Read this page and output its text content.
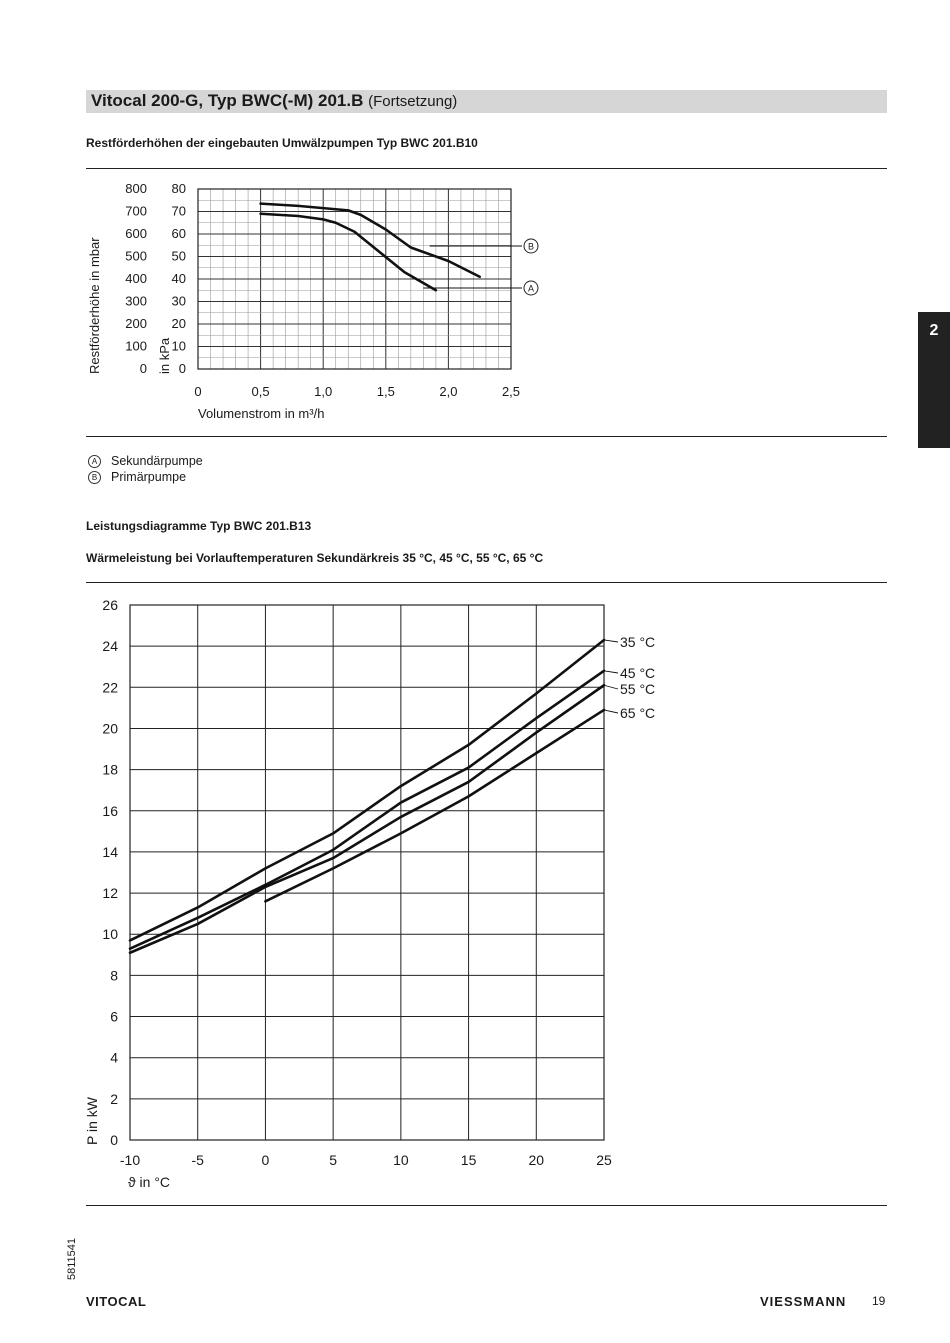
Vitocal 200-G, Typ BWC(-M) 201.B (Fortsetzung)
2
Restförderhöhen der eingebauten Umwälzpumpen Typ BWC 201.B10
80
800
70
700
60
600
50
500
40
400
30
300
20
200
10
100
0
0
0	0,5	1,0	1,5	2,0	2,5
Volumenstrom in m³/h
Restförderhöhe in mbar	in kPa
B
A
A Sekundärpumpe
B Primärpumpe
Leistungsdiagramme Typ BWC 201.B13
Wärmeleistung bei Vorlauftemperaturen Sekundärkreis 35 °C, 45 °C, 55 °C, 65 °C
0
2
4
6
8
10
12
14
16
18
20
22
24
26
-10	-5	0	5	10	15	20	25
ϑ in °C
P in kW
35 °C
45 °C
55 °C
65 °C
5811541
VITOCAL	VIESSMANN 19
